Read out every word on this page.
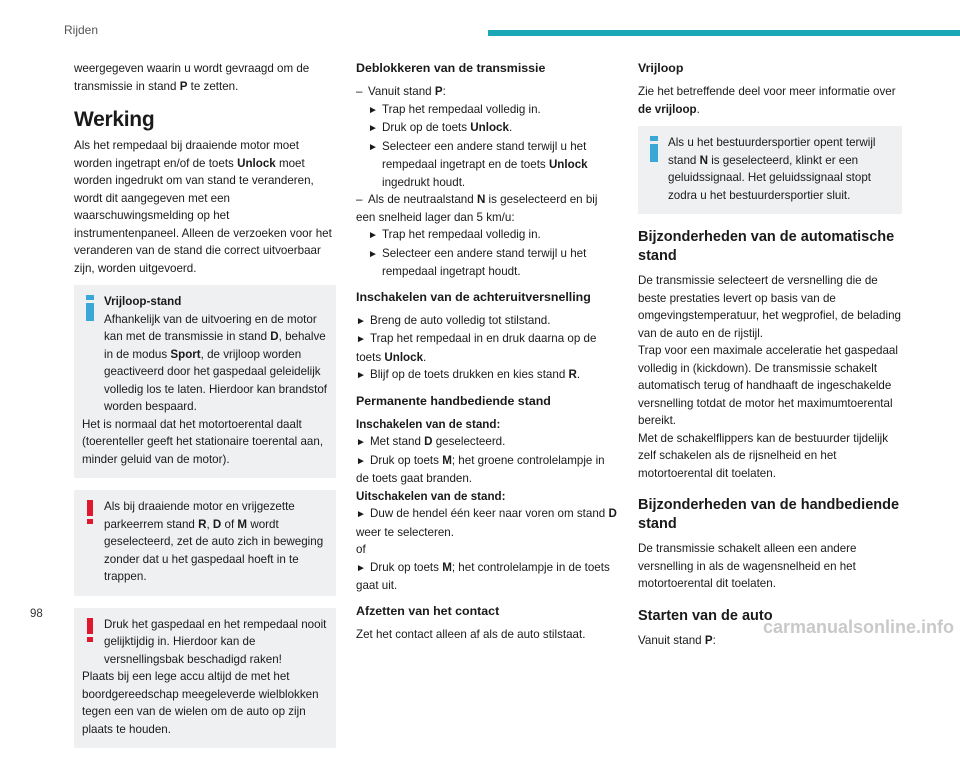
Rijden

weergegeven waarin u wordt gevraagd om de
transmissie in stand P te zetten.

Werking

Als het rempedaal bij draaiende motor moet worden ingetrapt en/of de toets Unlock moet worden ingedrukt om van stand te veranderen, wordt dit aangegeven met een waarschuwingsmelding op het instrumentenpaneel. Alleen de verzoeken voor het veranderen van de stand die correct uitvoerbaar zijn, worden uitgevoerd.

Vrijloop-stand
Afhankelijk van de uitvoering en de motor kan met de transmissie in stand D, behalve in de modus Sport, de vrijloop worden geactiveerd door het gaspedaal geleidelijk volledig los te laten. Hierdoor kan brandstof worden bespaard.

Het is normaal dat het motortoerental daalt (toerenteller geeft het stationaire toerental aan, minder geluid van de motor).

Als bij draaiende motor en vrijgezette parkeerrem stand R, D of M wordt geselecteerd, zet de auto zich in beweging zonder dat u het gaspedaal hoeft in te trappen.

Druk het gaspedaal en het rempedaal nooit gelijktijdig in. Hierdoor kan de versnellingsbak beschadigd raken!

Plaats bij een lege accu altijd de met het boordgereedschap meegeleverde wielblokken tegen een van de wielen om de auto op zijn plaats te houden.

Deblokkeren van de transmissie

– Vanuit stand P:

► Trap het rempedaal volledig in.

► Druk op de toets Unlock.

► Selecteer een andere stand terwijl u het rempedaal ingetrapt en de toets Unlock ingedrukt houdt.

– Als de neutraalstand N is geselecteerd en bij een snelheid lager dan 5 km/u:

► Trap het rempedaal volledig in.

► Selecteer een andere stand terwijl u het rempedaal ingetrapt houdt.

Inschakelen van de achteruitversnelling

► Breng de auto volledig tot stilstand.

► Trap het rempedaal in en druk daarna op de toets Unlock.

► Blijf op de toets drukken en kies stand R.

Permanente handbediende stand

Inschakelen van de stand:

► Met stand D geselecteerd.

► Druk op toets M; het groene controlelampje in de toets gaat branden.

Uitschakelen van de stand:

► Duw de hendel één keer naar voren om stand D weer te selecteren.

of

► Druk op toets M; het controlelampje in de toets gaat uit.

Afzetten van het contact

Zet het contact alleen af als de auto stilstaat.

Vrijloop

Zie het betreffende deel voor meer informatie over de vrijloop.

Als u het bestuurdersportier opent terwijl stand N is geselecteerd, klinkt er een geluidssignaal. Het geluidssignaal stopt zodra u het bestuurdersportier sluit.

Bijzonderheden van de automatische stand

De transmissie selecteert de versnelling die de beste prestaties levert op basis van de omgevingstemperatuur, het wegprofiel, de belading van de auto en de rijstijl.

Trap voor een maximale acceleratie het gaspedaal volledig in (kickdown). De transmissie schakelt automatisch terug of handhaaft de ingeschakelde versnelling totdat de motor het maximumtoerental bereikt.

Met de schakelflippers kan de bestuurder tijdelijk zelf schakelen als de rijsnelheid en het motortoerental dit toelaten.

Bijzonderheden van de handbediende stand

De transmissie schakelt alleen een andere versnelling in als de wagensnelheid en het motortoerental dit toelaten.

Starten van de auto

Vanuit stand P:

98
carmanualsonline.info
